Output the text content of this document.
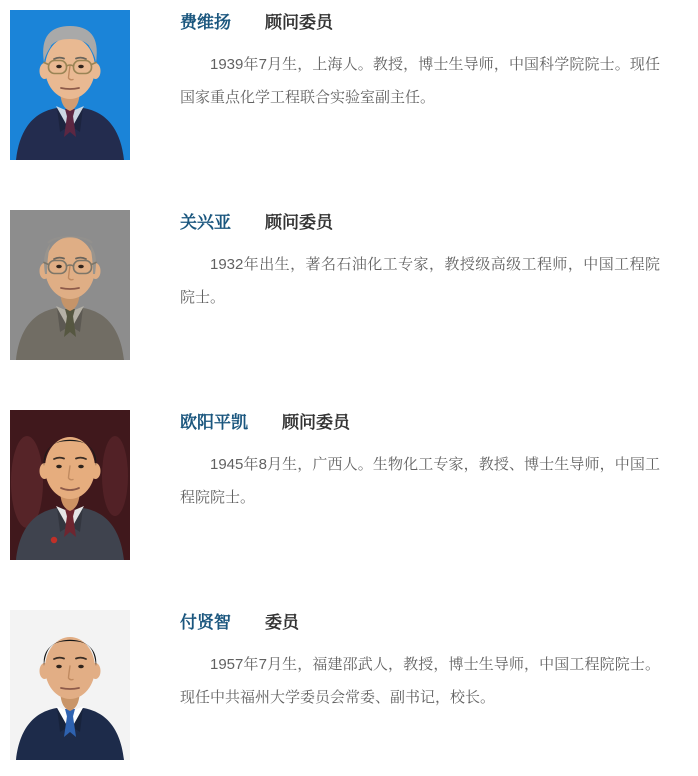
费维扬 顾问委员

1939年7月生，上海人。教授，博士生导师，中国科学院院士。现任国家重点化学工程联合实验室副主任。

关兴亚 顾问委员

1932年出生，著名石油化工专家，教授级高级工程师，中国工程院院士。

欧阳平凯 顾问委员

1945年8月生，广西人。生物化工专家，教授、博士生导师，中国工程院院士。

付贤智 委员

1957年7月生，福建邵武人，教授，博士生导师，中国工程院院士。现任中共福州大学委员会常委、副书记，校长。
